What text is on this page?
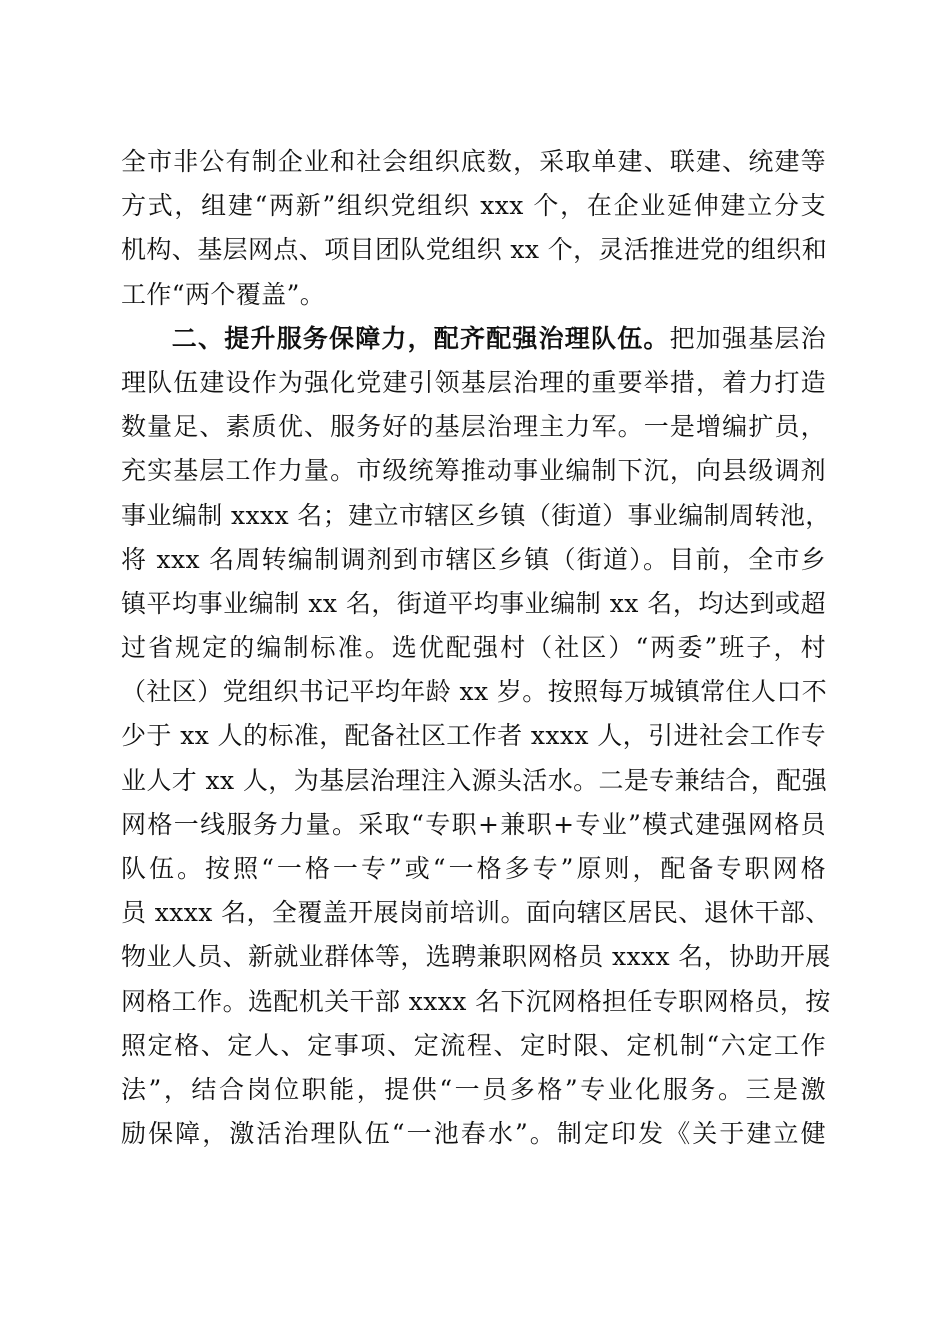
全市非公有制企业和社会组织底数，采取单建、联建、统建等
方式，组建“两新”组织党组织 xxx 个，在企业延伸建立分支
机构、基层网点、项目团队党组织 xx 个，灵活推进党的组织和
工作“两个覆盖”。
二、提升服务保障力，配齐配强治理队伍。把加强基层治
理队伍建设作为强化党建引领基层治理的重要举措，着力打造
数量足、素质优、服务好的基层治理主力军。一是增编扩员，
充实基层工作力量。市级统筹推动事业编制下沉，向县级调剂
事业编制 xxxx 名；建立市辖区乡镇（街道）事业编制周转池，
将 xxx 名周转编制调剂到市辖区乡镇（街道）。目前，全市乡
镇平均事业编制 xx 名，街道平均事业编制 xx 名，均达到或超
过省规定的编制标准。选优配强村（社区）“两委”班子，村
（社区）党组织书记平均年龄 xx 岁。按照每万城镇常住人口不
少于 xx 人的标准，配备社区工作者 xxxx 人，引进社会工作专
业人才 xx 人，为基层治理注入源头活水。二是专兼结合，配强
网格一线服务力量。采取“专职+兼职+专业”模式建强网格员
队伍。按照“一格一专”或“一格多专”原则，配备专职网格
员 xxxx 名，全覆盖开展岗前培训。面向辖区居民、退休干部、
物业人员、新就业群体等，选聘兼职网格员 xxxx 名，协助开展
网格工作。选配机关干部 xxxx 名下沉网格担任专职网格员，按
照定格、定人、定事项、定流程、定时限、定机制“六定工作
法”，结合岗位职能，提供“一员多格”专业化服务。三是激
励保障，激活治理队伍“一池春水”。制定印发《关于建立健
